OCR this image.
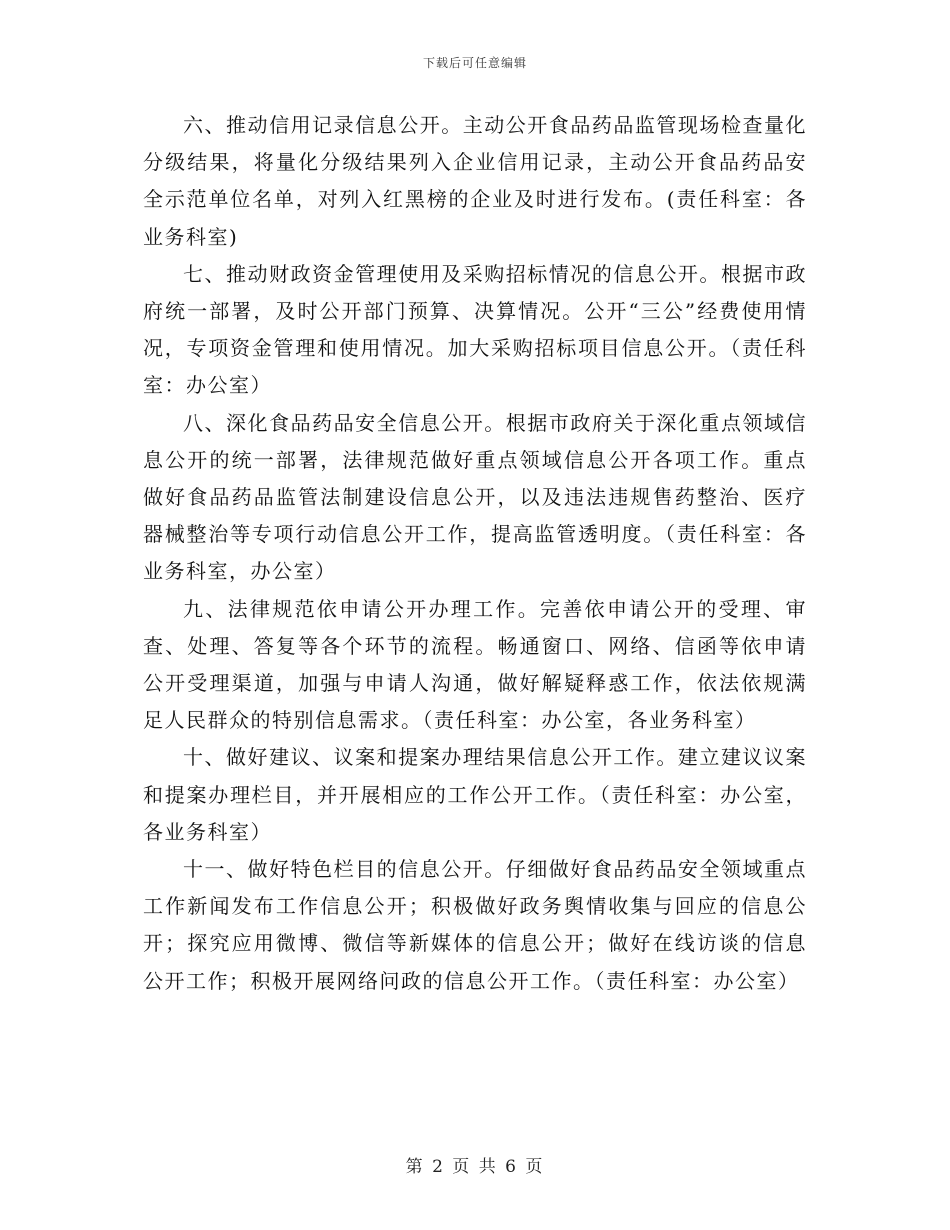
下载后可任意编辑

六、推动信用记录信息公开。主动公开食品药品监管现场检查量化分级结果，将量化分级结果列入企业信用记录，主动公开食品药品安全示范单位名单，对列入红黑榜的企业及时进行发布。(责任科室：各业务科室)

七、推动财政资金管理使用及采购招标情况的信息公开。根据市政府统一部署，及时公开部门预算、决算情况。公开“三公”经费使用情况，专项资金管理和使用情况。加大采购招标项目信息公开。（责任科室：办公室）

八、深化食品药品安全信息公开。根据市政府关于深化重点领域信息公开的统一部署，法律规范做好重点领域信息公开各项工作。重点做好食品药品监管法制建设信息公开，以及违法违规售药整治、医疗器械整治等专项行动信息公开工作，提高监管透明度。（责任科室：各业务科室，办公室）

九、法律规范依申请公开办理工作。完善依申请公开的受理、审查、处理、答复等各个环节的流程。畅通窗口、网络、信函等依申请公开受理渠道，加强与申请人沟通，做好解疑释惑工作，依法依规满足人民群众的特别信息需求。（责任科室：办公室，各业务科室）

十、做好建议、议案和提案办理结果信息公开工作。建立建议议案和提案办理栏目，并开展相应的工作公开工作。（责任科室：办公室，各业务科室）

十一、做好特色栏目的信息公开。仔细做好食品药品安全领域重点工作新闻发布工作信息公开；积极做好政务舆情收集与回应的信息公开；探究应用微博、微信等新媒体的信息公开；做好在线访谈的信息公开工作；积极开展网络问政的信息公开工作。（责任科室：办公室）

第 2 页 共 6 页
